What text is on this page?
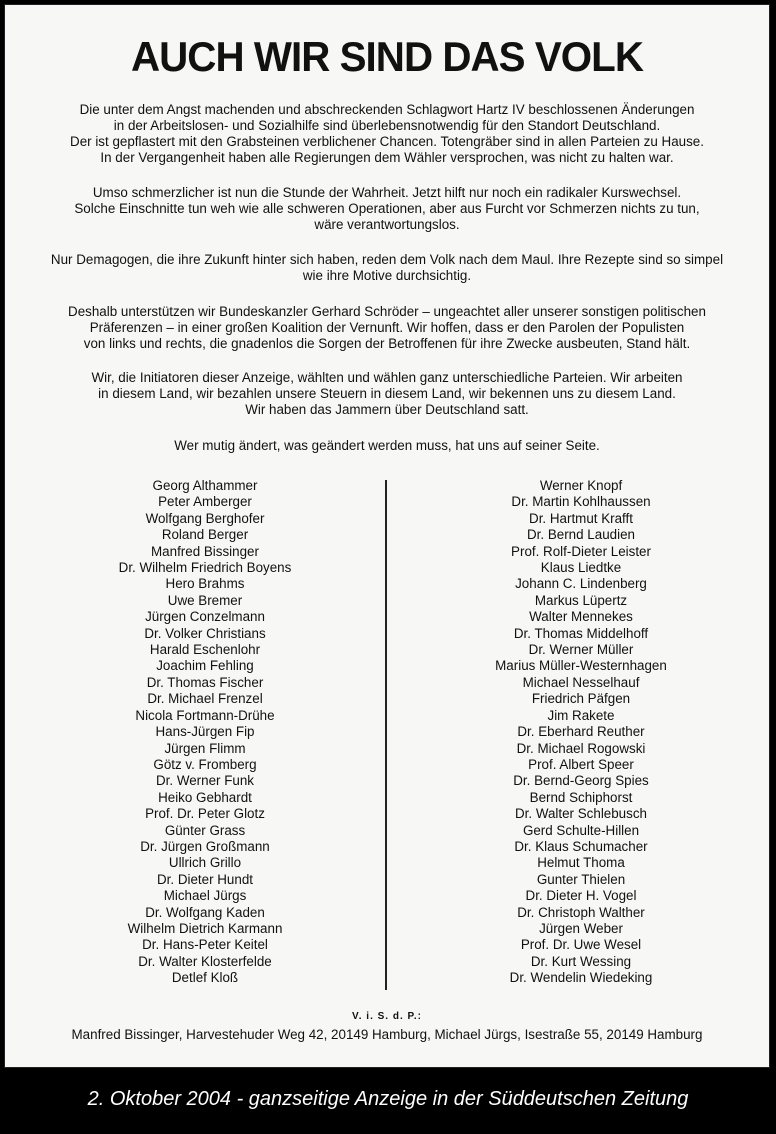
AUCH WIR SIND DAS VOLK
Die unter dem Angst machenden und abschreckenden Schlagwort Hartz IV beschlossenen Änderungen
in der Arbeitslosen- und Sozialhilfe sind überlebensnotwendig für den Standort Deutschland.
Der ist gepflastert mit den Grabsteinen verblichener Chancen. Totengräber sind in allen Parteien zu Hause.
In der Vergangenheit haben alle Regierungen dem Wähler versprochen, was nicht zu halten war.
Umso schmerzlicher ist nun die Stunde der Wahrheit. Jetzt hilft nur noch ein radikaler Kurswechsel.
Solche Einschnitte tun weh wie alle schweren Operationen, aber aus Furcht vor Schmerzen nichts zu tun,
wäre verantwortungslos.
Nur Demagogen, die ihre Zukunft hinter sich haben, reden dem Volk nach dem Maul. Ihre Rezepte sind so simpel
wie ihre Motive durchsichtig.
Deshalb unterstützen wir Bundeskanzler Gerhard Schröder – ungeachtet aller unserer sonstigen politischen
Präferenzen – in einer großen Koalition der Vernunft. Wir hoffen, dass er den Parolen der Populisten
von links und rechts, die gnadenlos die Sorgen der Betroffenen für ihre Zwecke ausbeuten, Stand hält.
Wir, die Initiatoren dieser Anzeige, wählten und wählen ganz unterschiedliche Parteien. Wir arbeiten
in diesem Land, wir bezahlen unsere Steuern in diesem Land, wir bekennen uns zu diesem Land.
Wir haben das Jammern über Deutschland satt.
Wer mutig ändert, was geändert werden muss, hat uns auf seiner Seite.
Georg Althammer
Peter Amberger
Wolfgang Berghofer
Roland Berger
Manfred Bissinger
Dr. Wilhelm Friedrich Boyens
Hero Brahms
Uwe Bremer
Jürgen Conzelmann
Dr. Volker Christians
Harald Eschenlohr
Joachim Fehling
Dr. Thomas Fischer
Dr. Michael Frenzel
Nicola Fortmann-Drühe
Hans-Jürgen Fip
Jürgen Flimm
Götz v. Fromberg
Dr. Werner Funk
Heiko Gebhardt
Prof. Dr. Peter Glotz
Günter Grass
Dr. Jürgen Großmann
Ullrich Grillo
Dr. Dieter Hundt
Michael Jürgs
Dr. Wolfgang Kaden
Wilhelm Dietrich Karmann
Dr. Hans-Peter Keitel
Dr. Walter Klosterfelde
Detlef Kloß
Werner Knopf
Dr. Martin Kohlhaussen
Dr. Hartmut Krafft
Dr. Bernd Laudien
Prof. Rolf-Dieter Leister
Klaus Liedtke
Johann C. Lindenberg
Markus Lüpertz
Walter Mennekes
Dr. Thomas Middelhoff
Dr. Werner Müller
Marius Müller-Westernhagen
Michael Nesselhauf
Friedrich Päfgen
Jim Rakete
Dr. Eberhard Reuther
Dr. Michael Rogowski
Prof. Albert Speer
Dr. Bernd-Georg Spies
Bernd Schiphorst
Dr. Walter Schlebusch
Gerd Schulte-Hillen
Dr. Klaus Schumacher
Helmut Thoma
Gunter Thielen
Dr. Dieter H. Vogel
Dr. Christoph Walther
Jürgen Weber
Prof. Dr. Uwe Wesel
Dr. Kurt Wessing
Dr. Wendelin Wiedeking
V. i. S. d. P.:
Manfred Bissinger, Harvestehuder Weg 42, 20149 Hamburg, Michael Jürgs, Isestraße 55, 20149 Hamburg
2. Oktober 2004 - ganzseitige Anzeige in der Süddeutschen Zeitung
